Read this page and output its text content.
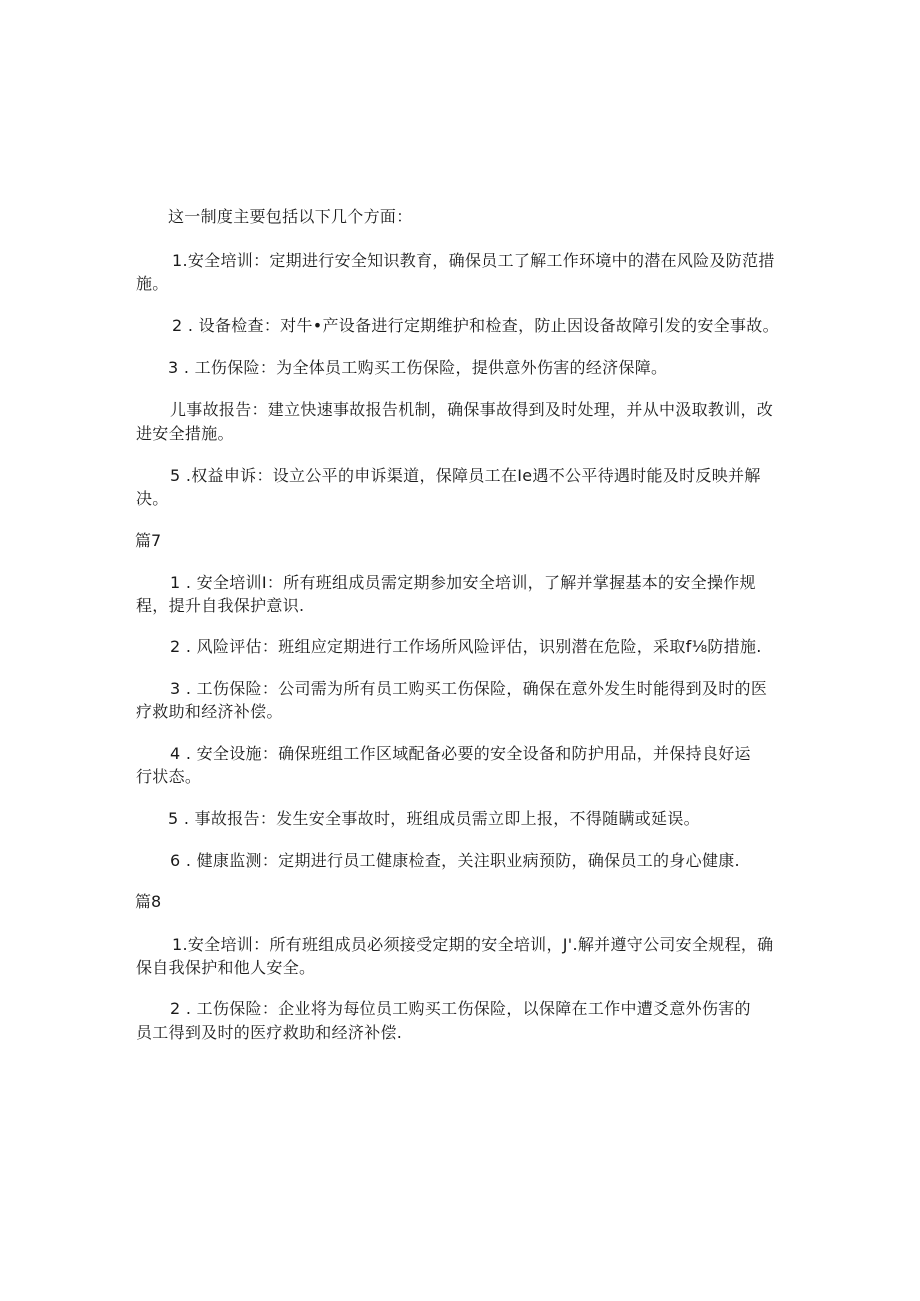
这一制度主要包括以下几个方面：
1.安全培训：定期进行安全知识教育，确保员工了解工作环境中的潜在风险及防范措
施。
2 . 设备检查：对牛•产设备进行定期维护和检查，防止因设备故障引发的安全事故。
3 . 工伤保险：为全体员工购买工伤保险，提供意外伤害的经济保障。
儿事故报告：建立快速事故报告机制，确保事故得到及时处理，并从中汲取教训，改
进安全措施。
5 .权益申诉：设立公平的申诉渠道，保障员工在Ie遇不公平待遇时能及时反映并解
决。
篇7
1 . 安全培训I：所有班组成员需定期参加安全培训，了解并掌握基本的安全操作规
程，提升自我保护意识.
2 . 风险评估：班组应定期进行工作场所风险评估，识别潜在危险，采取f⅛防措施.
3 . 工伤保险：公司需为所有员工购买工伤保险，确保在意外发生时能得到及时的医
疗救助和经济补偿。
4 . 安全设施：确保班组工作区域配备必要的安全设备和防护用品，并保持良好运
行状态。
5 . 事故报告：发生安全事故时，班组成员需立即上报，不得随瞒或延误。
6 . 健康监测：定期进行员工健康检查，关注职业病预防，确保员工的身心健康.
篇8
1.安全培训：所有班组成员必须接受定期的安全培训，J'.解并遵守公司安全规程，确
保自我保护和他人安全。
2 . 工伤保险：企业将为每位员工购买工伤保险，以保障在工作中遭爻意外伤害的
员工得到及时的医疗救助和经济补偿.
